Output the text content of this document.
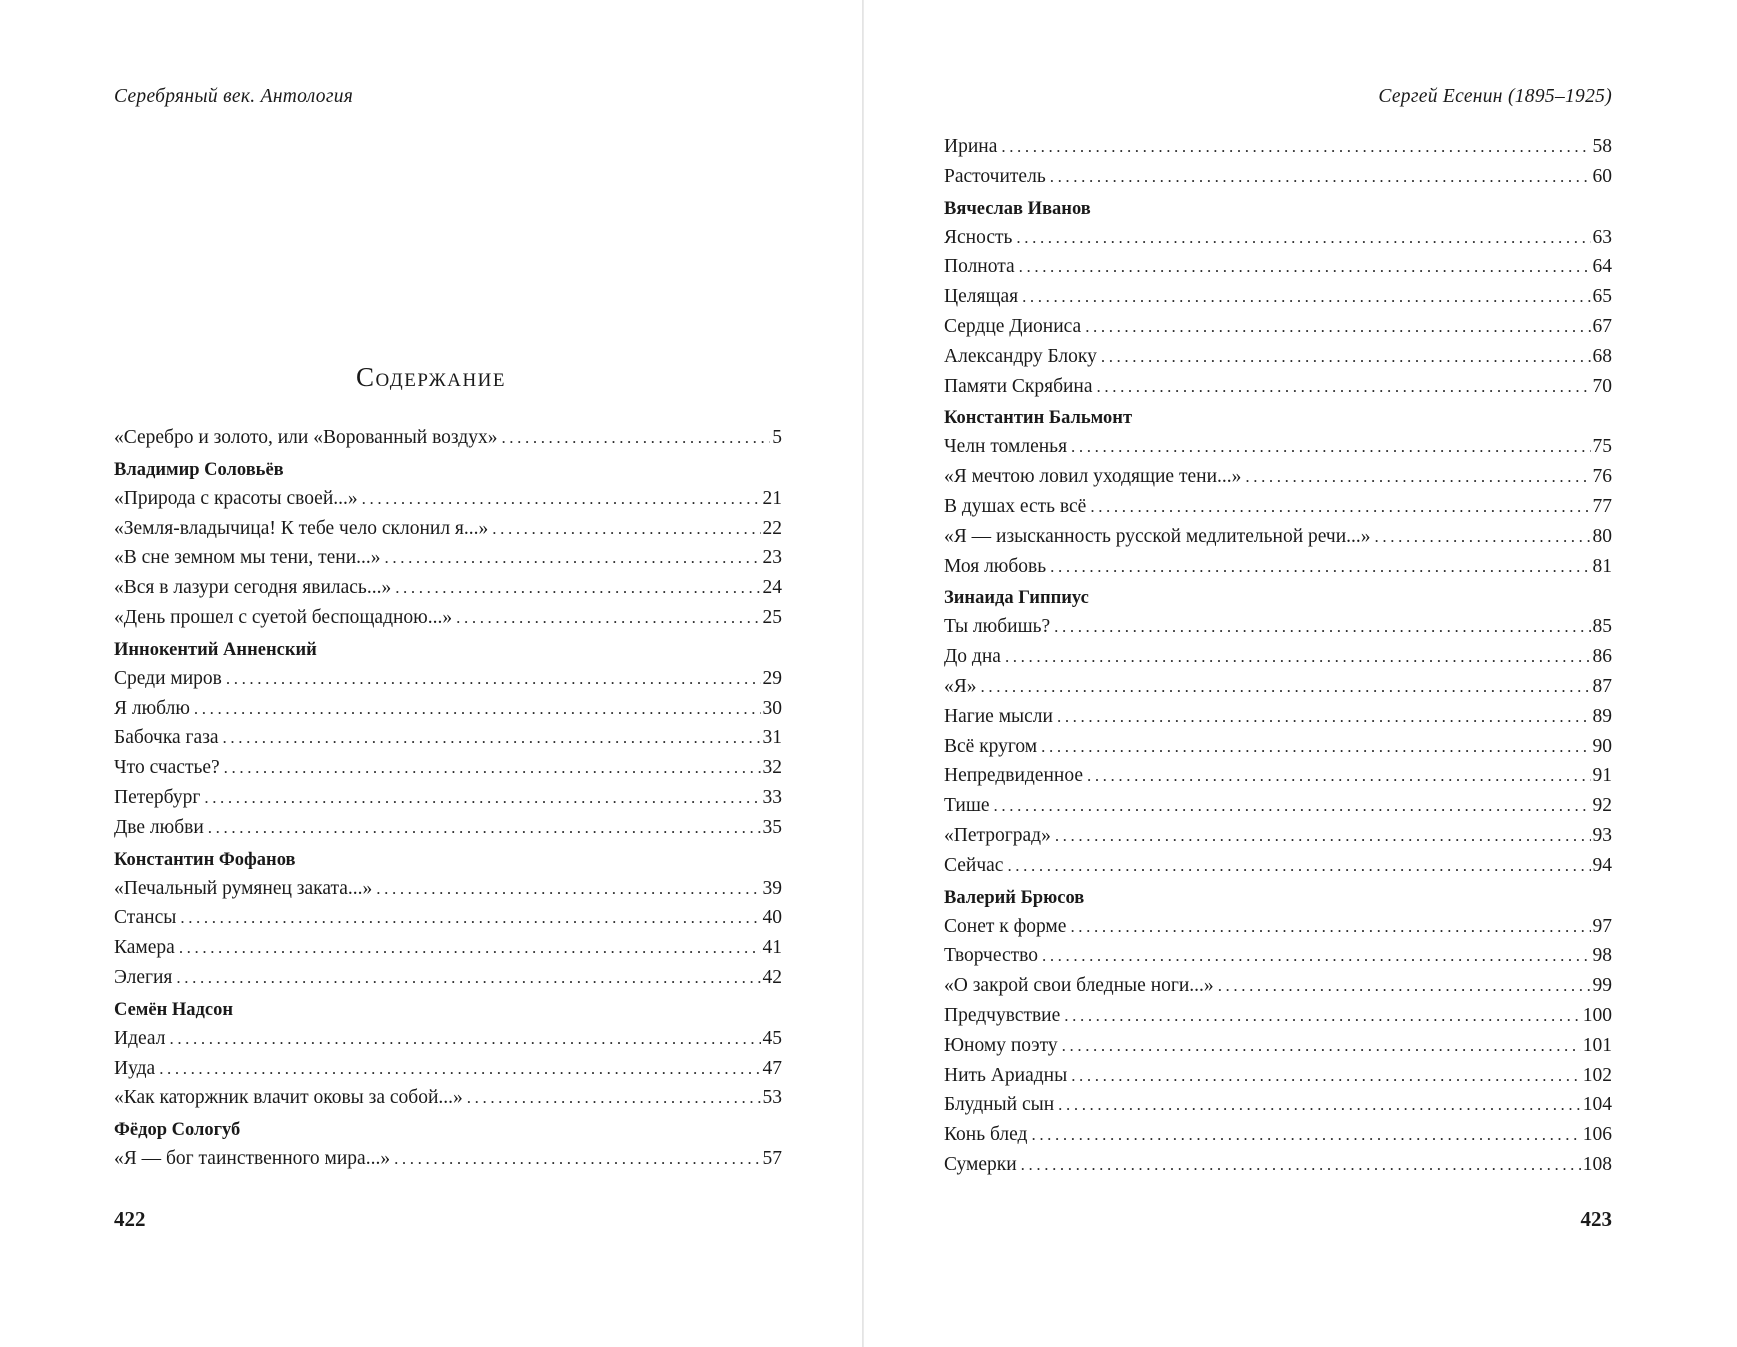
Серебряный век. Антология
Содержание
«Серебро и золото, или «Ворованный воздух» .....	5
Владимир Соловьёв
«Природа с красоты своей...» .....	21
«Земля-владычица! К тебе чело склонил я...» .....	22
«В сне земном мы тени, тени...» .....	23
«Вся в лазури сегодня явилась...» .....	24
«День прошел с суетой беспощадною...» .....	25
Иннокентий Анненский
Среди миров .....	29
Я люблю .....	30
Бабочка газа .....	31
Что счастье? .....	32
Петербург .....	33
Две любви .....	35
Константин Фофанов
«Печальный румянец заката...» .....	39
Стансы .....	40
Камера .....	41
Элегия .....	42
Семён Надсон
Идеал .....	45
Иуда .....	47
«Как каторжник влачит оковы за собой...» .....	53
Фёдор Сологуб
«Я — бог таинственного мира...» .....	57
422
Сергей Есенин (1895–1925)
Ирина .....	58
Расточитель .....	60
Вячеслав Иванов
Ясность .....	63
Полнота .....	64
Целящая .....	65
Сердце Диониса .....	67
Александру Блоку .....	68
Памяти Скрябина .....	70
Константин Бальмонт
Челн томленья .....	75
«Я мечтою ловил уходящие тени...» .....	76
В душах есть всё .....	77
«Я — изысканность русской медлительной речи...» .....	80
Моя любовь .....	81
Зинаида Гиппиус
Ты любишь? .....	85
До дна .....	86
«Я» .....	87
Нагие мысли .....	89
Всё кругом .....	90
Непредвиденное .....	91
Тише .....	92
«Петроград» .....	93
Сейчас .....	94
Валерий Брюсов
Сонет к форме .....	97
Творчество .....	98
«О закрой свои бледные ноги...» .....	99
Предчувствие .....	100
Юному поэту .....	101
Нить Ариадны .....	102
Блудный сын .....	104
Конь блед .....	106
Сумерки .....	108
423
